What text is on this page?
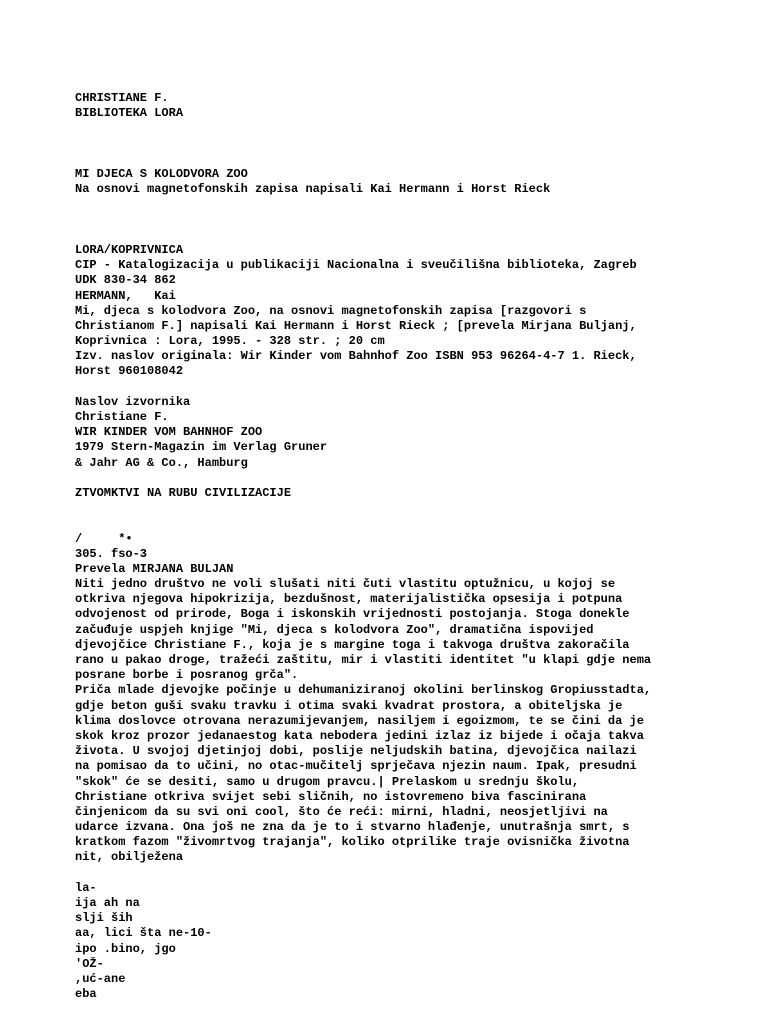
CHRISTIANE F.
BIBLIOTEKA LORA
MI DJECA S KOLODVORA ZOO
Na osnovi magnetofonskih zapisa napisali Kai Hermann i Horst Rieck
LORA/KOPRIVNICA
CIP - Katalogizacija u publikaciji Nacionalna i sveučilišna biblioteka, Zagreb
UDK 830-34 862
HERMANN,   Kai
Mi, djeca s kolodvora Zoo, na osnovi magnetofonskih zapisa [razgovori s
Christianom F.] napisali Kai Hermann i Horst Rieck ; [prevela Mirjana Buljanj,
Koprivnica : Lora, 1995. - 328 str. ; 20 cm
Izv. naslov originala: Wir Kinder vom Bahnhof Zoo ISBN 953 96264-4-7 1. Rieck,
Horst 960108042
Naslov izvornika
Christiane F.
WIR KINDER VOM BAHNHOF ZOO
1979 Stern-Magazin im Verlag Gruner
& Jahr AG & Co., Hamburg
ZTVOMKTVI NA RUBU CIVILIZACIJE
/     *•
305. fso-3
Prevela MIRJANA BULJAN
Niti jedno društvo ne voli slušati niti čuti vlastitu optužnicu, u kojoj se
otkriva njegova hipokrizija, bezdušnost, materijalistička opsesija i potpuna
odvojenost od prirode, Boga i iskonskih vrijednosti postojanja. Stoga donekle
začuđuje uspjeh knjige "Mi, djeca s kolodvora Zoo", dramatična ispovijed
djevojčice Christiane F., koja je s margine toga i takvoga društva zakoračila
rano u pakao droge, tražeći zaštitu, mir i vlastiti identitet "u klapi gdje nema
posrane borbe i posranog grča".
Priča mlade djevojke počinje u dehumaniziranoj okolini berlinskog Gropiusstadta,
gdje beton guši svaku travku i otima svaki kvadrat prostora, a obiteljska je
klima doslovce otrovana nerazumijevanjem, nasiljem i egoizmom, te se čini da je
skok kroz prozor jedanaestog kata nebodera jedini izlaz iz bijede i očaja takva
života. U svojoj djetinjoj dobi, poslije neljudskih batina, djevojčica nailazi
na pomisao da to učini, no otac-mučitelj sprječava njezin naum. Ipak, presudni
"skok" će se desiti, samo u drugom pravcu.| Prelaskom u srednju školu,
Christiane otkriva svijet sebi sličnih, no istovremeno biva fascinirana
činjenicom da su svi oni cool, što će reći: mirni, hladni, neosjetljivi na
udarce izvana. Ona još ne zna da je to i stvarno hlađenje, unutrašnja smrt, s
kratkom fazom "živomrtvog trajanja", koliko otprilike traje ovisnička životna
nit, obilježena
la-
ija ah na
slji ših
aa, lici šta ne-10-
ipo .bino, jgo
'OŽ-
,uć-ane
eba
